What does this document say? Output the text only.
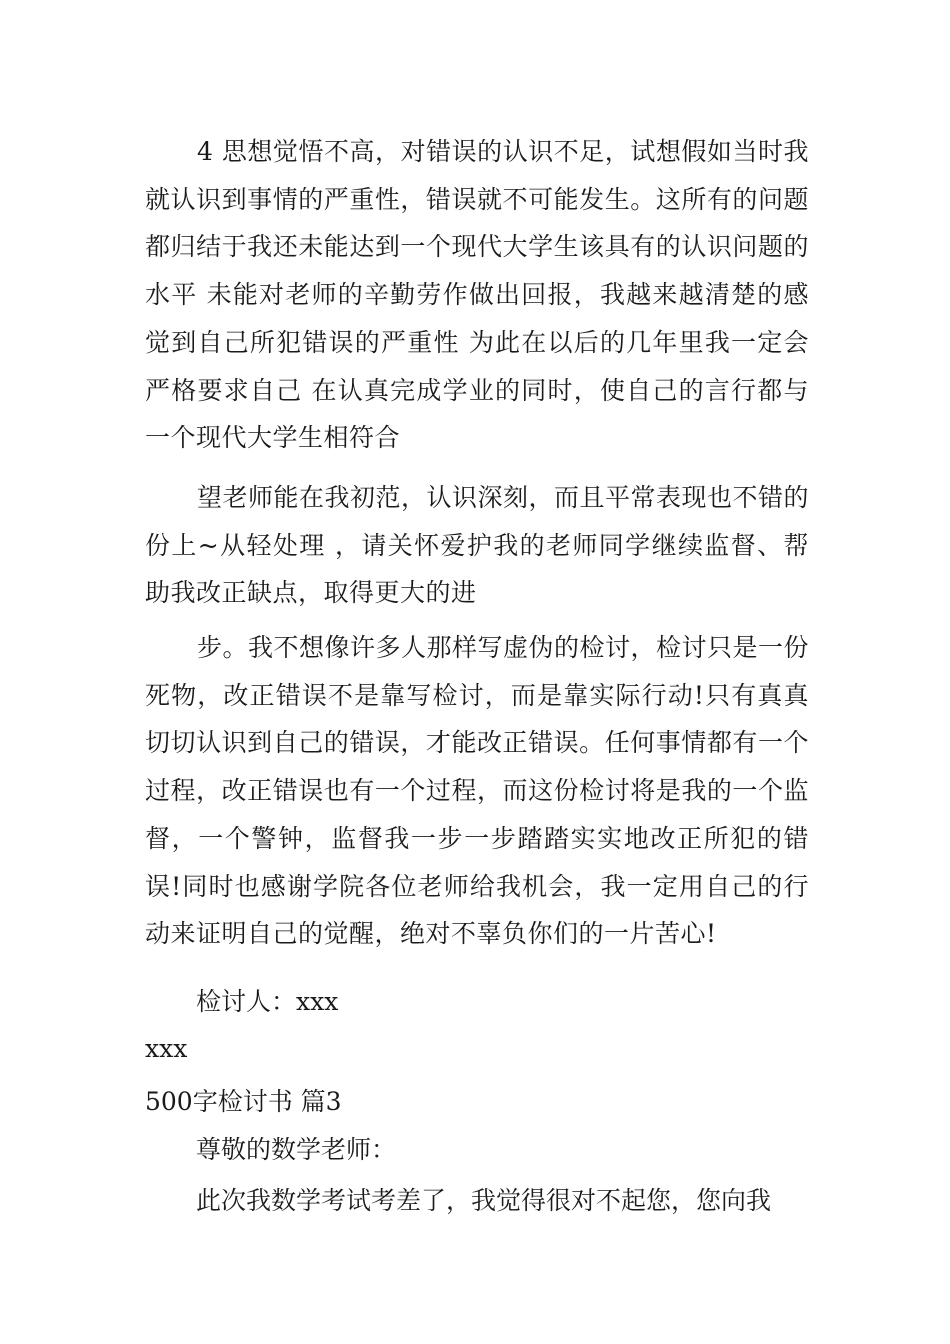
4 思想觉悟不高，对错误的认识不足，试想假如当时我就认识到事情的严重性，错误就不可能发生。这所有的问题都归结于我还未能达到一个现代大学生该具有的认识问题的水平 未能对老师的辛勤劳作做出回报，我越来越清楚的感觉到自己所犯错误的严重性 为此在以后的几年里我一定会严格要求自己 在认真完成学业的同时，使自己的言行都与一个现代大学生相符合
望老师能在我初范，认识深刻，而且平常表现也不错的份上~从轻处理 ，请关怀爱护我的老师同学继续监督、帮助我改正缺点，取得更大的进
步。我不想像许多人那样写虚伪的检讨，检讨只是一份死物，改正错误不是靠写检讨，而是靠实际行动!只有真真切切认识到自己的错误，才能改正错误。任何事情都有一个过程，改正错误也有一个过程，而这份检讨将是我的一个监督，一个警钟，监督我一步一步踏踏实实地改正所犯的错误!同时也感谢学院各位老师给我机会，我一定用自己的行动来证明自己的觉醒，绝对不辜负你们的一片苦心!
检讨人：xxx
xxx
500字检讨书 篇3
尊敬的数学老师：
此次我数学考试考差了，我觉得很对不起您，您向我
